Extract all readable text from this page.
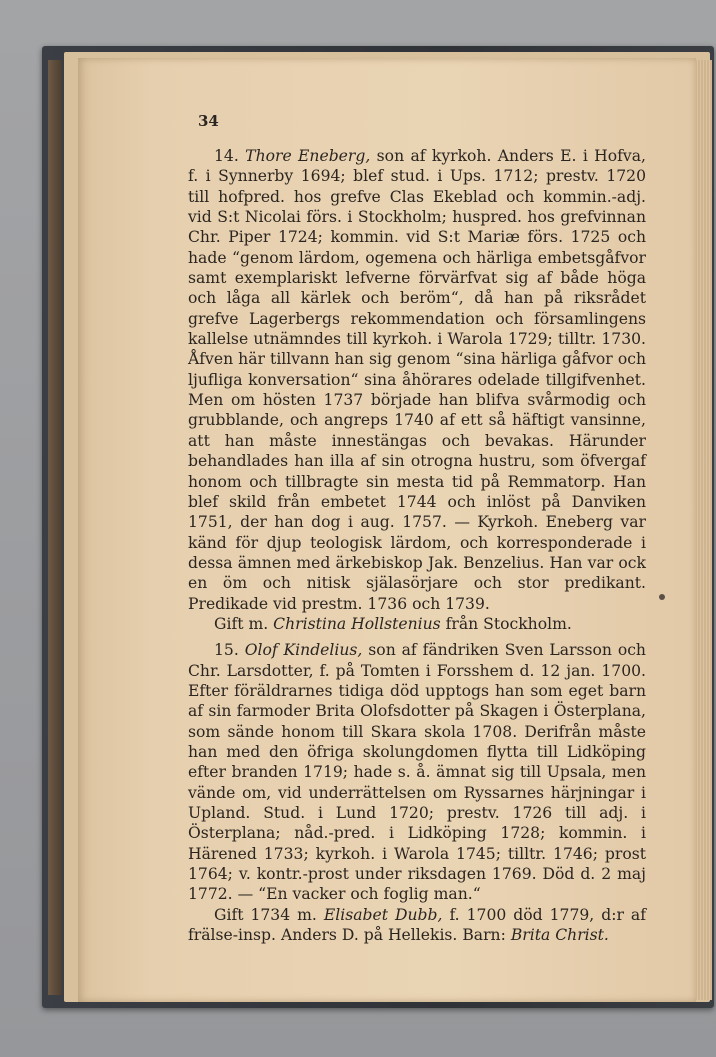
34

14. Thore Eneberg, son af kyrkoh. Anders E. i Hofva, f. i Synnerby 1694; blef stud. i Ups. 1712; prestv. 1720 till hofpred. hos grefve Clas Ekeblad och kommin.-adj. vid S:t Nicolai förs. i Stockholm; huspred. hos grefvinnan Chr. Piper 1724; kommin. vid S:t Mariæ förs. 1725 och hade “genom lärdom, ogemena och härliga embetsgåfvor samt exemplariskt lefverne förvärfvat sig af både höga och låga all kärlek och beröm“, då han på riksrådet grefve Lagerbergs rekommendation och församlingens kallelse utnämndes till kyrkoh. i Warola 1729; tilltr. 1730. Åfven här tillvann han sig genom “sina härliga gåfvor och ljufliga konversation“ sina åhörares odelade tillgifvenhet. Men om hösten 1737 började han blifva svårmodig och grubblande, och angreps 1740 af ett så häftigt vansinne, att han måste innestängas och bevakas. Härunder behandlades han illa af sin otrogna hustru, som öfvergaf honom och tillbragte sin mesta tid på Remmatorp. Han blef skild från embetet 1744 och inlöst på Danviken 1751, der han dog i aug. 1757. — Kyrkoh. Eneberg var känd för djup teologisk lärdom, och korresponderade i dessa ämnen med ärkebiskop Jak. Benzelius. Han var ock en öm och nitisk själasörjare och stor predikant. Predikade vid prestm. 1736 och 1739.

Gift m. Christina Hollstenius från Stockholm.

15. Olof Kindelius, son af fändriken Sven Larsson och Chr. Larsdotter, f. på Tomten i Forsshem d. 12 jan. 1700. Efter föräldrarnes tidiga död upptogs han som eget barn af sin farmoder Brita Olofsdotter på Skagen i Österplana, som sände honom till Skara skola 1708. Derifrån måste han med den öfriga skolungdomen flytta till Lidköping efter branden 1719; hade s. å. ämnat sig till Upsala, men vände om, vid underrättelsen om Ryssarnes härjningar i Upland. Stud. i Lund 1720; prestv. 1726 till adj. i Österplana; nåd.-pred. i Lidköping 1728; kommin. i Härened 1733; kyrkoh. i Warola 1745; tilltr. 1746; prost 1764; v. kontr.-prost under riksdagen 1769. Död d. 2 maj 1772. — “En vacker och foglig man.“

Gift 1734 m. Elisabet Dubb, f. 1700 död 1779, d:r af frälse-insp. Anders D. på Hellekis. Barn: Brita Christ.
